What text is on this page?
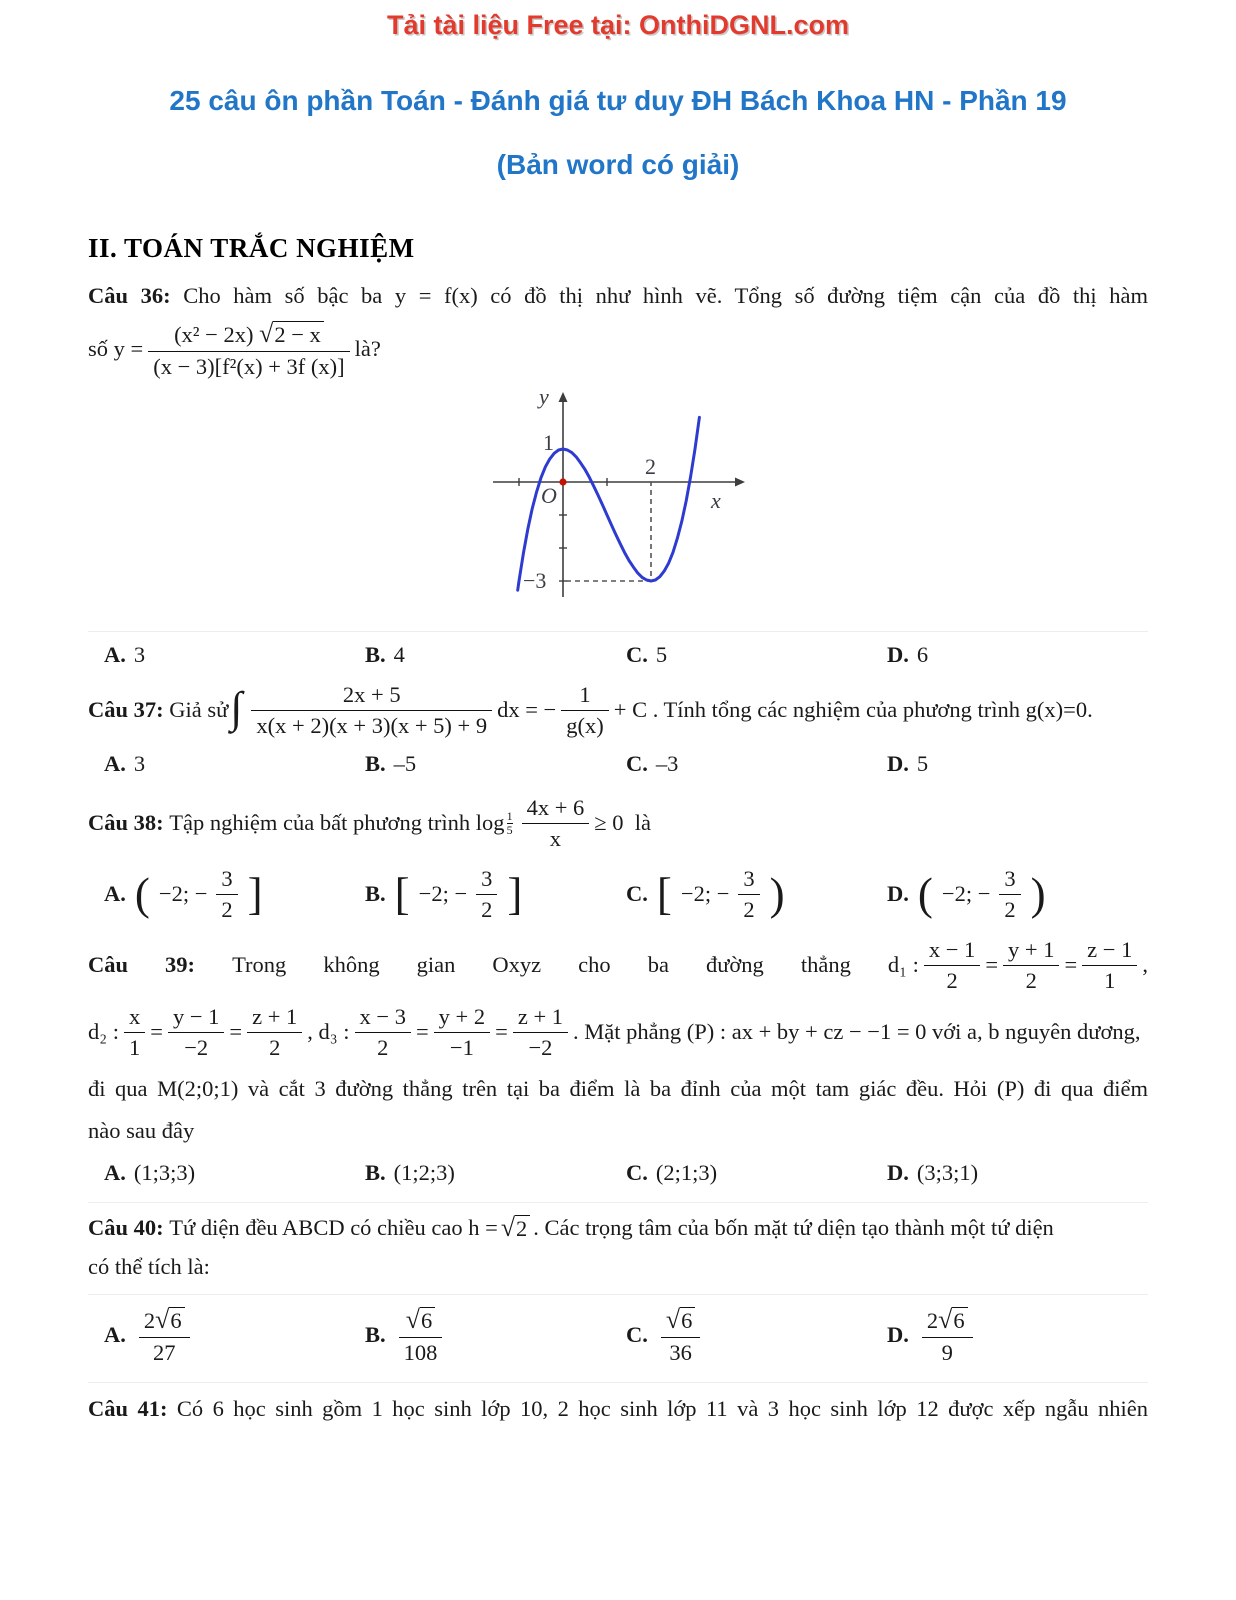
Tải tài liệu Free tại: OnthiDGNL.com
25 câu ôn phần Toán - Đánh giá tư duy ĐH Bách Khoa HN - Phần 19
(Bản word có giải)
II. TOÁN TRẮC NGHIỆM

Câu 36: Cho hàm số bậc ba y = f(x) có đồ thị như hình vẽ. Tổng số đường tiệm cận của đồ thị hàm

số $y = \frac{\text{(x² − 2x) √2 − x}}{\text{(x − 3)[f²(x) + 3f (x)]}}$ là?
y
x
O
1
2
−3
A. 3	B. 4	C. 5	D. 6
Câu 37:
Giả sử ∫ $\frac{2x + 5}{x(x + 2)(x + 3)(x + 5) + 9}$ dx = − $\frac{1}{g(x)} + C$ . Tính tổng các nghiệm của phương trình g(x)=0.
A. 3	B. –5	C. –3	D. 5
Câu 38:
Tập nghiệm của bất phương trình
log 1
$5 \frac{4x + 6}{x} \ge 0$
là
A. ( −2; − $\frac{3}{2}$ ]	B. [ −2; − $\frac{3}{2}$ ]	C. [ −2; − $\frac{3}{2}$ )	D. ( −2; − $\frac{3}{2}$ )
Câu 39: Trong không gian Oxyz cho ba đường thẳng d₁ : $\frac{x - 1}{2} = \frac{y + 1}{2} = \frac{z - 1}{1}$ ,
d₂ : $\frac{x}{1} = \frac{y - 1}{-2} = \frac{z + 1}{2}$ , d₃ : $\frac{x - 3}{2} = \frac{y + 2}{-1} = \frac{z + 1}{-2}$ . Mặt phẳng (P) : ax + by + cz − −1 = 0 với a, b nguyên dương,

đi qua M(2;0;1) và cắt 3 đường thẳng trên tại ba điểm là ba đỉnh của một tam giác đều. Hỏi (P) đi qua điểm

nào sau đây

A. (1;3;3)	B. (1;2;3)	C. (2;1;3)	D. (3;3;1)
Câu 40:
Tứ diện đều ABCD có chiều cao h = √2 . Các trọng tâm của bốn mặt tứ diện tạo thành một tứ diện

có thể tích là:

A. $\frac{2√6}{27}$	B. $\frac{√6}{108}$	C. $\frac{√6}{36}$	D. $\frac{2√6}{9}$

Câu 41: Có 6 học sinh gồm 1 học sinh lớp 10, 2 học sinh lớp 11 và 3 học sinh lớp 12 được xếp ngẫu nhiên
